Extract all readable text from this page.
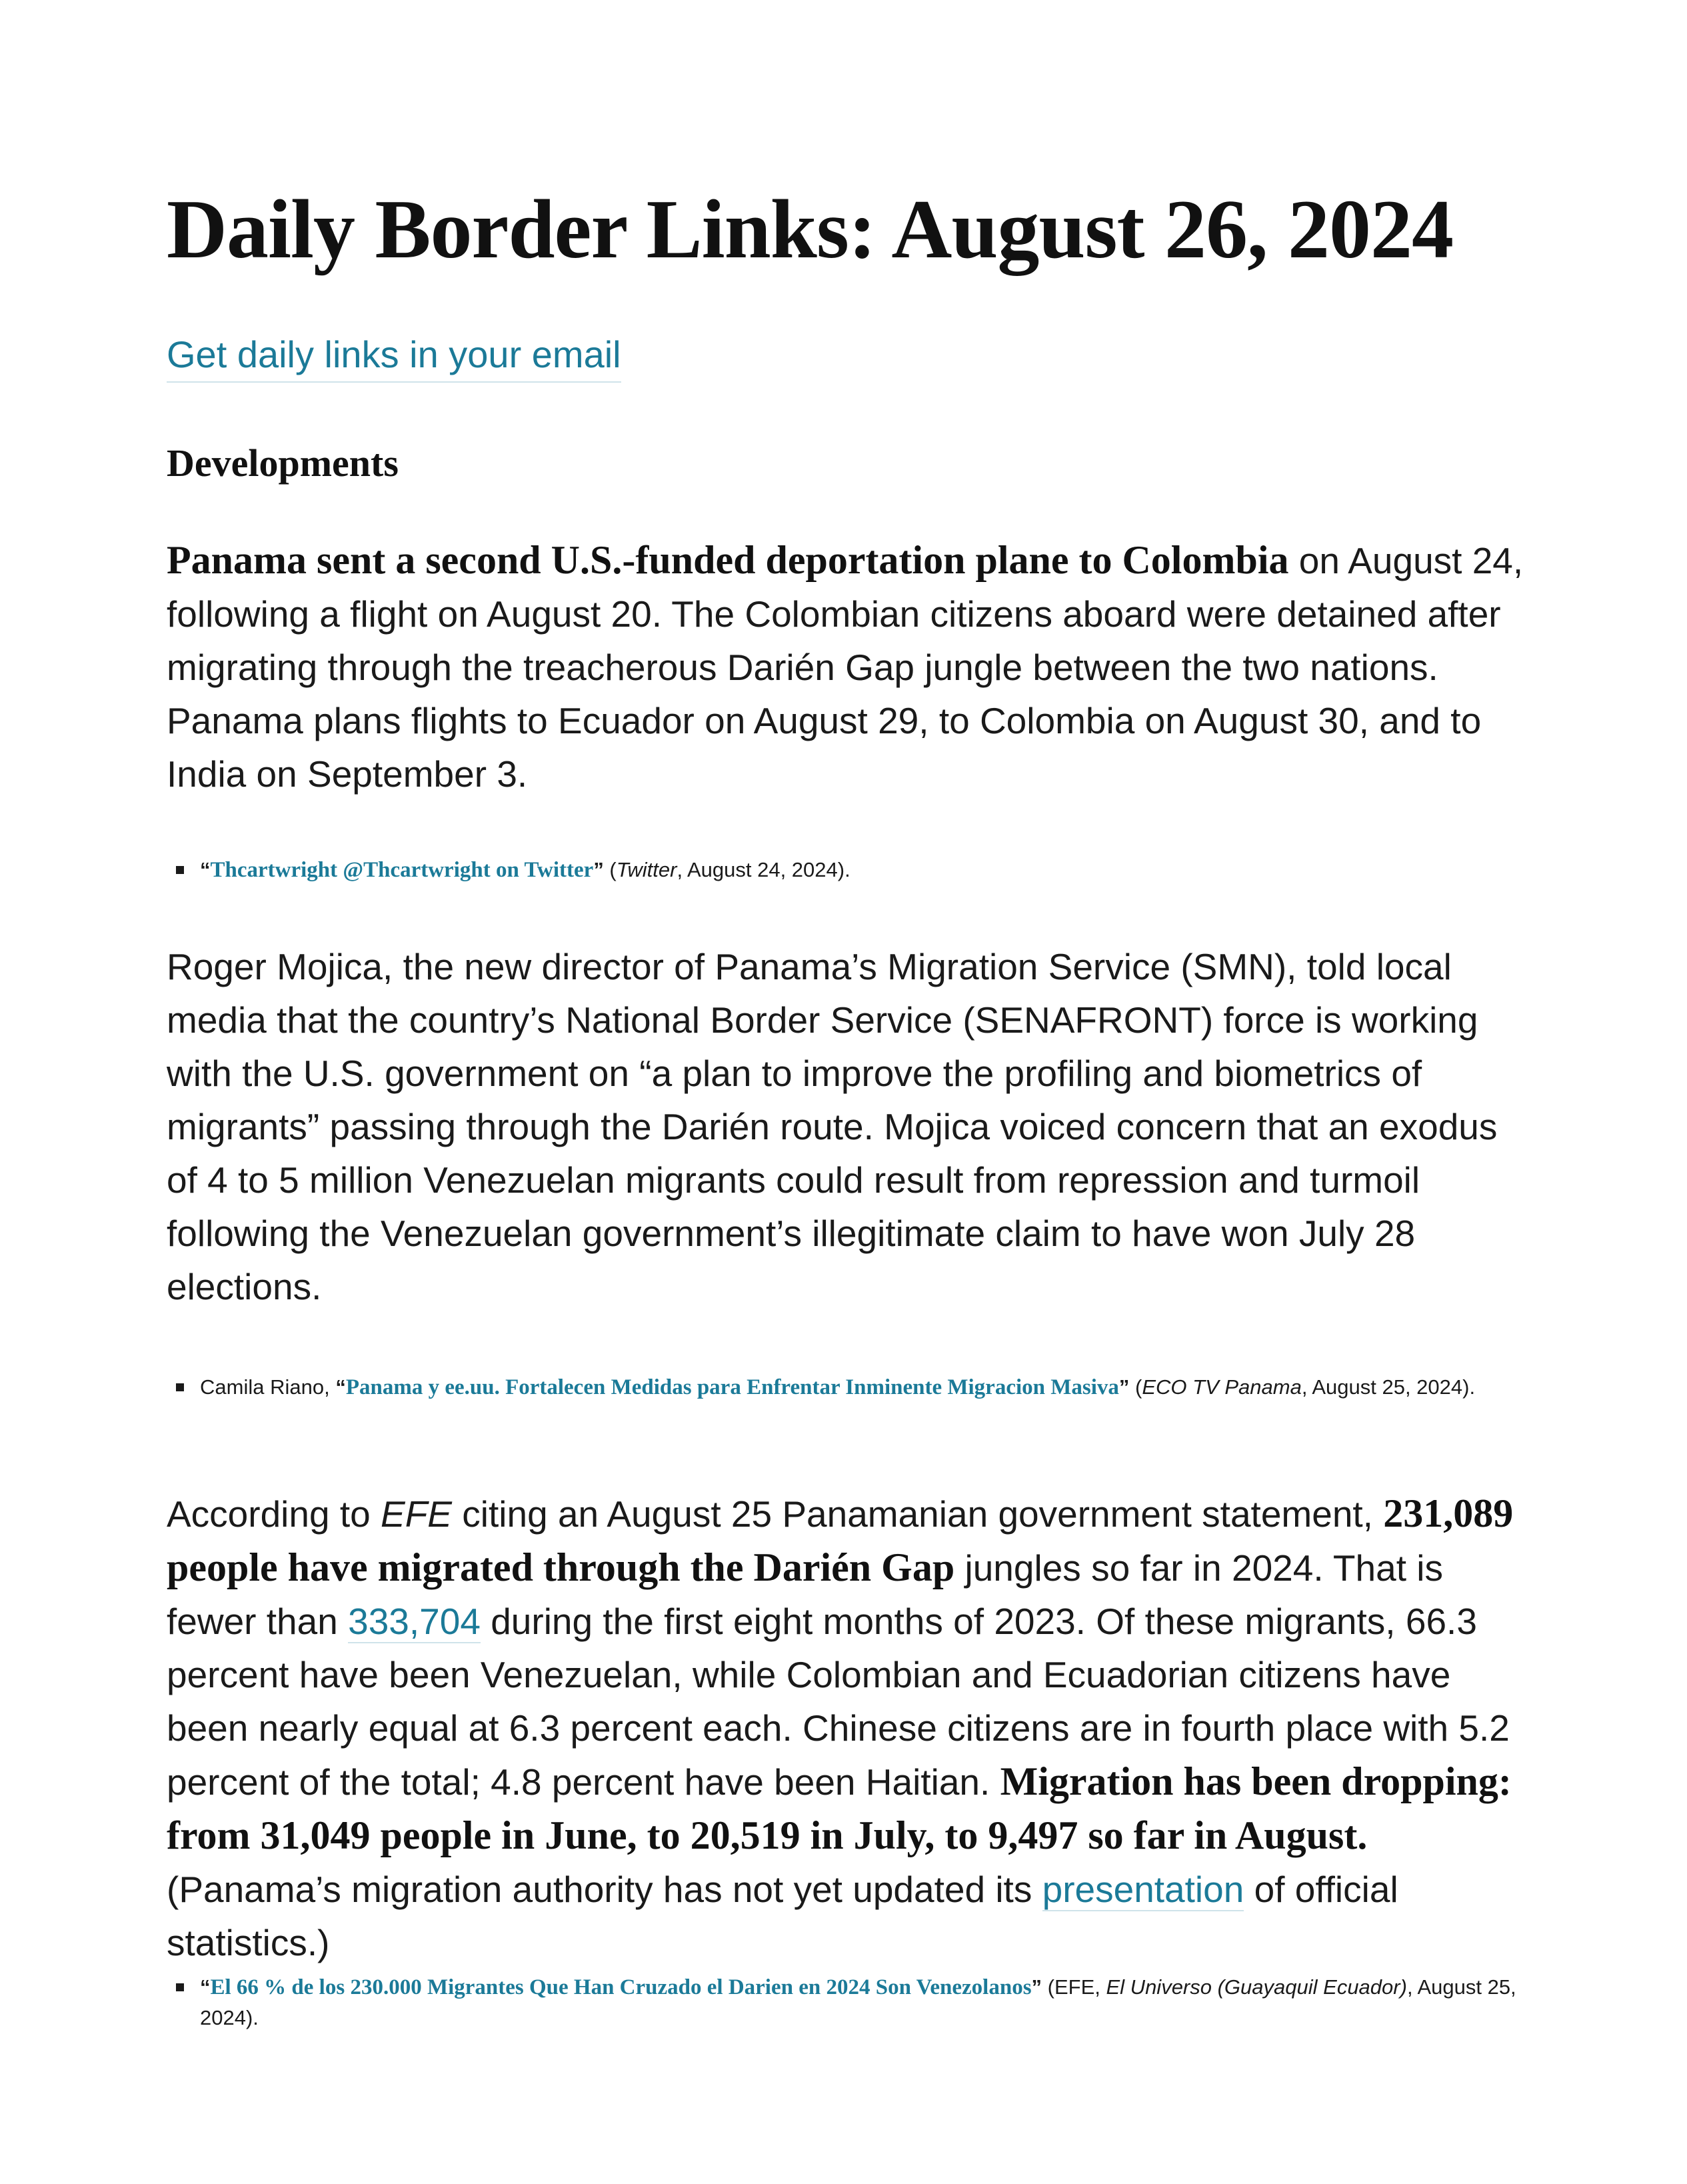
Daily Border Links: August 26, 2024
Get daily links in your email
Developments

Panama sent a second U.S.-funded deportation plane to Colombia on August 24, following a flight on August 20. The Colombian citizens aboard were detained after migrating through the treacherous Darién Gap jungle between the two nations. Panama plans flights to Ecuador on August 29, to Colombia on August 30, and to India on September 3.

“Thcartwright @Thcartwright on Twitter” (Twitter, August 24, 2024).

Roger Mojica, the new director of Panama’s Migration Service (SMN), told local media that the country’s National Border Service (SENAFRONT) force is working with the U.S. government on “a plan to improve the profiling and biometrics of migrants” passing through the Darién route. Mojica voiced concern that an exodus of 4 to 5 million Venezuelan migrants could result from repression and turmoil following the Venezuelan government’s illegitimate claim to have won July 28 elections.

Camila Riano, “Panama y ee.uu. Fortalecen Medidas para Enfrentar Inminente Migracion Masiva” (ECO TV Panama, August 25, 2024).

According to EFE citing an August 25 Panamanian government statement, 231,089 people have migrated through the Darién Gap jungles so far in 2024. That is fewer than 333,704 during the first eight months of 2023. Of these migrants, 66.3 percent have been Venezuelan, while Colombian and Ecuadorian citizens have been nearly equal at 6.3 percent each. Chinese citizens are in fourth place with 5.2 percent of the total; 4.8 percent have been Haitian. Migration has been dropping: from 31,049 people in June, to 20,519 in July, to 9,497 so far in August. (Panama’s migration authority has not yet updated its presentation of official statistics.)

“El 66 % de los 230.000 Migrantes Que Han Cruzado el Darien en 2024 Son Venezolanos” (EFE, El Universo (Guayaquil Ecuador), August 25, 2024).
